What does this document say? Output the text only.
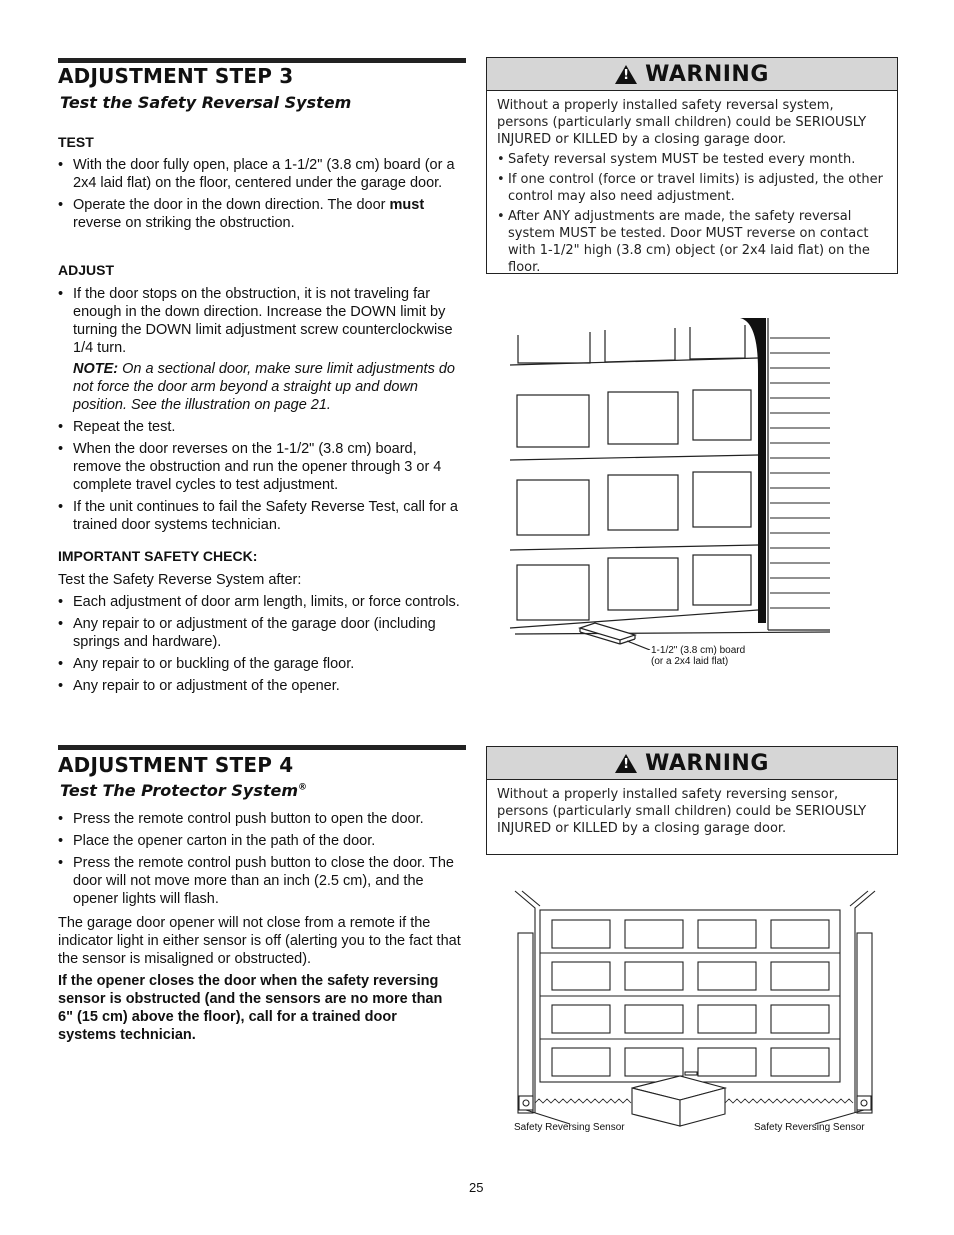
ADJUSTMENT STEP 3
Test the Safety Reversal System
TEST
• With the door fully open, place a 1-1/2" (3.8 cm) board (or a 2x4 laid flat) on the floor, centered under the garage door.
• Operate the door in the down direction. The door must reverse on striking the obstruction.
ADJUST
• If the door stops on the obstruction, it is not traveling far enough in the down direction. Increase the DOWN limit by turning the DOWN limit adjustment screw counterclockwise 1/4 turn.
NOTE: On a sectional door, make sure limit adjustments do not force the door arm beyond a straight up and down position. See the illustration on page 21.
• Repeat the test.
• When the door reverses on the 1-1/2" (3.8 cm) board, remove the obstruction and run the opener through 3 or 4 complete travel cycles to test adjustment.
• If the unit continues to fail the Safety Reverse Test, call for a trained door systems technician.
IMPORTANT SAFETY CHECK:
Test the Safety Reverse System after:
• Each adjustment of door arm length, limits, or force controls.
• Any repair to or adjustment of the garage door (including springs and hardware).
• Any repair to or buckling of the garage floor.
• Any repair to or adjustment of the opener.
! WARNING

Without a properly installed safety reversal system, persons (particularly small children) could be SERIOUSLY INJURED or KILLED by a closing garage door.

• Safety reversal system MUST be tested every month.
• If one control (force or travel limits) is adjusted, the other control may also need adjustment.
• After ANY adjustments are made, the safety reversal system MUST be tested. Door MUST reverse on contact with 1-1/2" high (3.8 cm) object (or 2x4 laid flat) on the floor.
1-1/2" (3.8 cm) board
(or a 2x4 laid flat)
ADJUSTMENT STEP 4
Test The Protector System®
• Press the remote control push button to open the door.
• Place the opener carton in the path of the door.
• Press the remote control push button to close the door. The door will not move more than an inch (2.5 cm), and the opener lights will flash.
The garage door opener will not close from a remote if the indicator light in either sensor is off (alerting you to the fact that the sensor is misaligned or obstructed).
If the opener closes the door when the safety reversing sensor is obstructed (and the sensors are no more than 6" (15 cm) above the floor), call for a trained door systems technician.
! WARNING

Without a properly installed safety reversing sensor, persons (particularly small children) could be SERIOUSLY INJURED or KILLED by a closing garage door.

Safety Reversing Sensor	Safety Reversing Sensor
25
